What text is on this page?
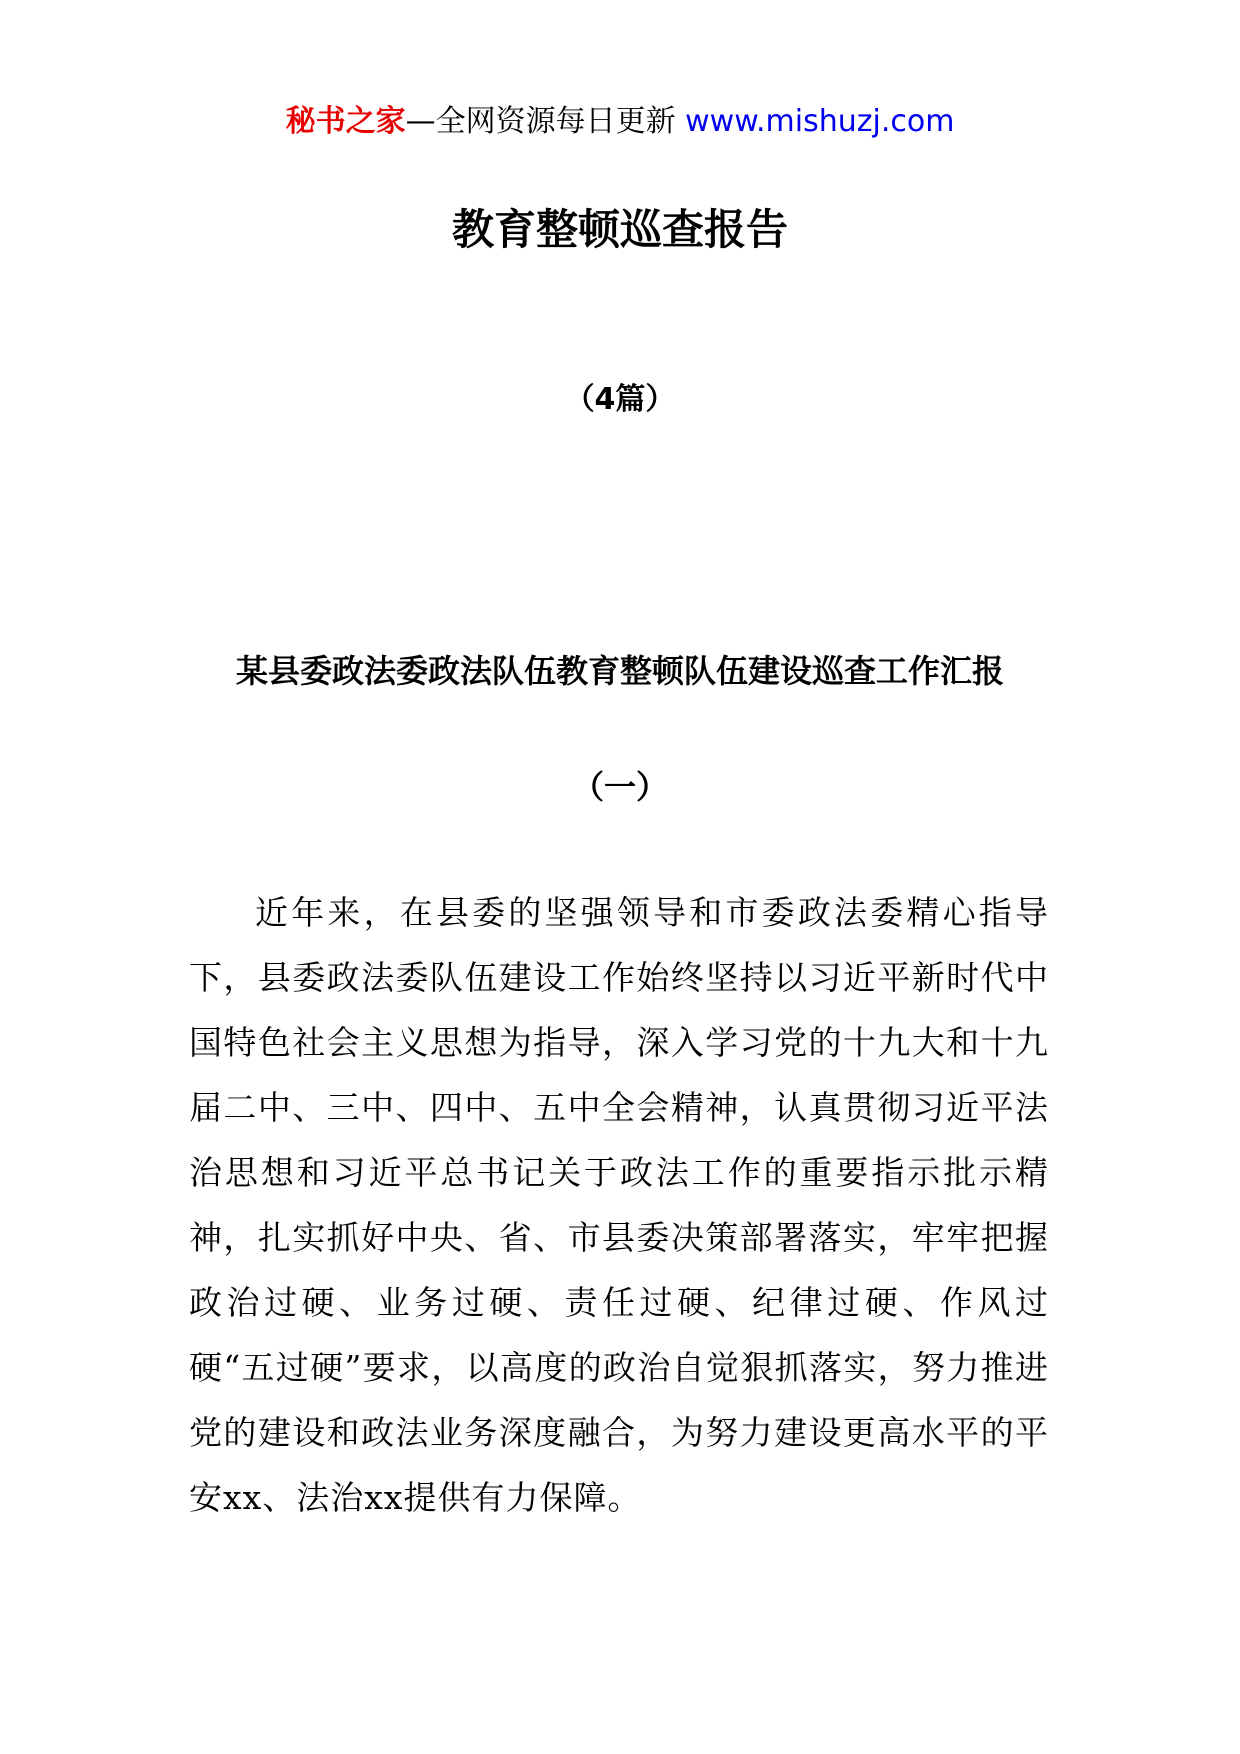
秘书之家—全网资源每日更新 www.mishuzj.com
教育整顿巡查报告
（4篇）
某县委政法委政法队伍教育整顿队伍建设巡查工作汇报
（一）

近年来，在县委的坚强领导和市委政法委精心指导下，县委政法委队伍建设工作始终坚持以习近平新时代中国特色社会主义思想为指导，深入学习党的十九大和十九届二中、三中、四中、五中全会精神，认真贯彻习近平法治思想和习近平总书记关于政法工作的重要指示批示精神，扎实抓好中央、省、市县委决策部署落实，牢牢把握政治过硬、业务过硬、责任过硬、纪律过硬、作风过硬“五过硬”要求，以高度的政治自觉狠抓落实，努力推进党的建设和政法业务深度融合，为努力建设更高水平的平安xx、法治xx提供有力保障。
